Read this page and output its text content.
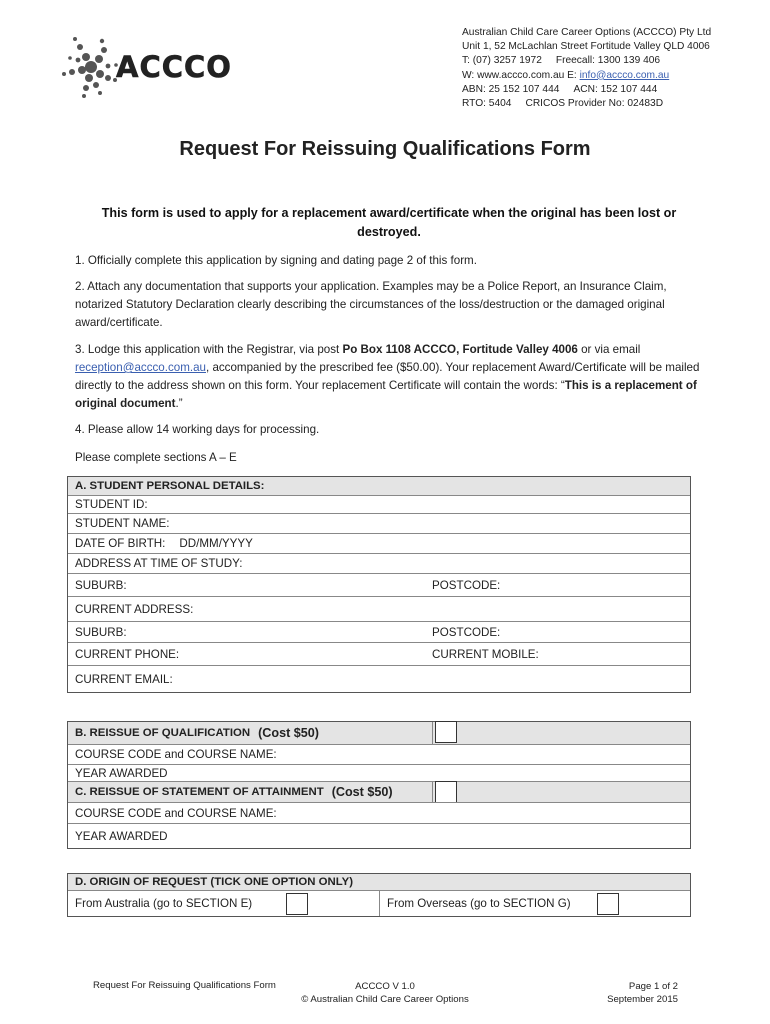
ACCCO
Australian Child Care Career Options (ACCCO) Pty Ltd
Unit 1, 52 McLachlan Street Fortitude Valley QLD 4006
T: (07) 3257 1972 Freecall: 1300 139 406
W: www.accco.com.au E: info@accco.com.au
ABN: 25 152 107 444 ACN: 152 107 444
RTO: 5404 CRICOS Provider No: 02483D
Request For Reissuing Qualifications Form
This form is used to apply for a replacement award/certificate when the original has been lost or destroyed.
1. Officially complete this application by signing and dating page 2 of this form.
2. Attach any documentation that supports your application. Examples may be a Police Report, an Insurance Claim, notarized Statutory Declaration clearly describing the circumstances of the loss/destruction or the damaged original award/certificate.
3. Lodge this application with the Registrar, via post Po Box 1108 ACCCO, Fortitude Valley 4006 or via email reception@accco.com.au, accompanied by the prescribed fee ($50.00). Your replacement Award/Certificate will be mailed directly to the address shown on this form. Your replacement Certificate will contain the words: “This is a replacement of original document.”
4. Please allow 14 working days for processing.
Please complete sections A – E
A. STUDENT PERSONAL DETAILS:
STUDENT ID:
STUDENT NAME:
DATE OF BIRTH: DD/MM/YYYY
ADDRESS AT TIME OF STUDY:
SUBURB:	POSTCODE:
CURRENT ADDRESS:
SUBURB:	POSTCODE:
CURRENT PHONE:	CURRENT MOBILE:
CURRENT EMAIL:
B. REISSUE OF QUALIFICATION (Cost $50)
COURSE CODE and COURSE NAME:
YEAR AWARDED
C. REISSUE OF STATEMENT OF ATTAINMENT (Cost $50)
COURSE CODE and COURSE NAME:
YEAR AWARDED
D. ORIGIN OF REQUEST (TICK ONE OPTION ONLY)
From Australia (go to SECTION E)	From Overseas (go to SECTION G)
Request For Reissuing Qualifications Form	ACCCO V 1.0
© Australian Child Care Career Options
Page 1 of 2
September 2015
